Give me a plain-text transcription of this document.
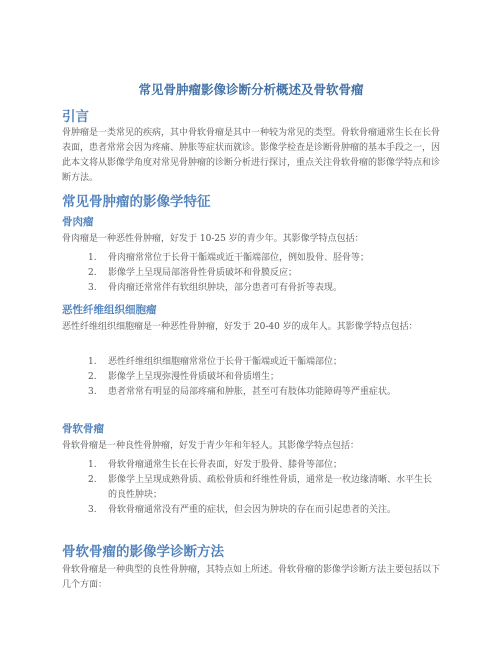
常见骨肿瘤影像诊断分析概述及骨软骨瘤
引言
骨肿瘤是一类常见的疾病，其中骨软骨瘤是其中一种较为常见的类型。骨软骨瘤通常生长在长骨表面，患者常常会因为疼痛、肿胀等症状而就诊。影像学检查是诊断骨肿瘤的基本手段之一，因此本文将从影像学角度对常见骨肿瘤的诊断分析进行探讨，重点关注骨软骨瘤的影像学特点和诊断方法。
常见骨肿瘤的影像学特征
骨肉瘤
骨肉瘤是一种恶性骨肿瘤，好发于 10-25 岁的青少年。其影像学特点包括：
1. 骨肉瘤常常位于长骨干骺端或近干骺端部位，例如股骨、胫骨等；
2. 影像学上呈现局部溶骨性骨质破坏和骨膜反应；
3. 骨肉瘤还常常伴有软组织肿块，部分患者可有骨折等表现。
恶性纤维组织细胞瘤
恶性纤维组织细胞瘤是一种恶性骨肿瘤，好发于 20-40 岁的成年人。其影像学特点包括：
1. 恶性纤维组织细胞瘤常常位于长骨干骺端或近干骺端部位；
2. 影像学上呈现弥漫性骨质破坏和骨质增生；
3. 患者常常有明显的局部疼痛和肿胀，甚至可有肢体功能障碍等严重症状。
骨软骨瘤
骨软骨瘤是一种良性骨肿瘤，好发于青少年和年轻人。其影像学特点包括：
1. 骨软骨瘤通常生长在长骨表面，好发于股骨、膝骨等部位；
2. 影像学上呈现成熟骨质、疏松骨质和纤维性骨质，通常是一枚边缘清晰、水平生长的良性肿块；
3. 骨软骨瘤通常没有严重的症状，但会因为肿块的存在而引起患者的关注。
骨软骨瘤的影像学诊断方法
骨软骨瘤是一种典型的良性骨肿瘤，其特点如上所述。骨软骨瘤的影像学诊断方法主要包括以下几个方面：
